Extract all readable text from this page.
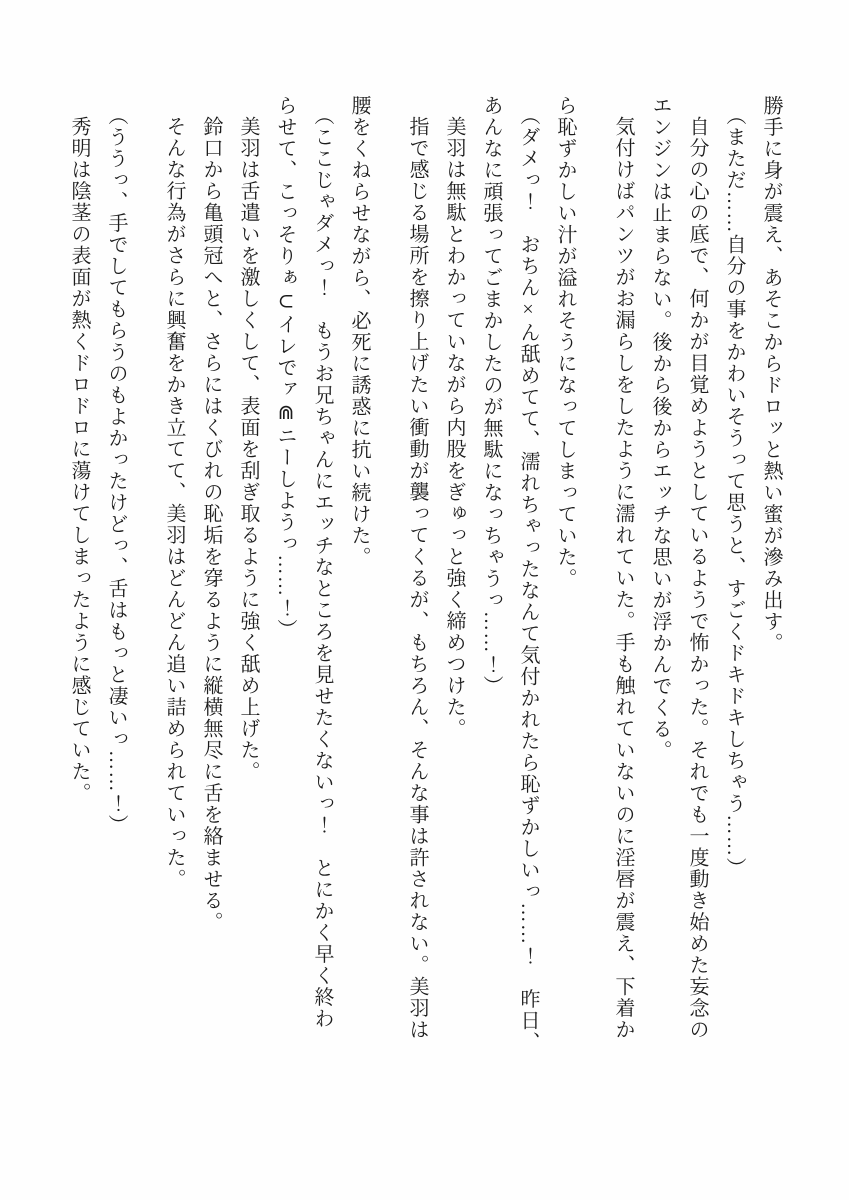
勝手に身が震え、あそこからドロッと熱い蜜が滲み出す。
（まただ……自分の事をかわいそうって思うと、すごくドキドキしちゃう……）
自分の心の底で、何かが目覚めようとしているようで怖かった。それでも一度動き始めた妄念の
エンジンは止まらない。後から後からエッチな思いが浮かんでくる。
気付けばパンツがお漏らしをしたように濡れていた。手も触れていないのに淫唇が震え、下着か
ら恥ずかしい汁が溢れそうになってしまっていた。
（ダメっ！　おちん×ん舐めてて、濡れちゃったなんて気付かれたら恥ずかしいっ……！　昨日、
あんなに頑張ってごまかしたのが無駄になっちゃうっ……！）
美羽は無駄とわかっていながら内股をぎゅっと強く締めつけた。
指で感じる場所を擦り上げたい衝動が襲ってくるが、もちろん、そんな事は許されない。美羽は
腰をくねらせながら、必死に誘惑に抗い続けた。
（ここじゃダメっ！　もうお兄ちゃんにエッチなところを見せたくないっ！　とにかく早く終わ
らせて、こっそりぁ⊂イレでァ⋒ニーしようっ……！）
美羽は舌遣いを激しくして、表面を刮ぎ取るように強く舐め上げた。
鈴口から亀頭冠へと、さらにはくびれの恥垢を穿るように縦横無尽に舌を絡ませる。
そんな行為がさらに興奮をかき立てて、美羽はどんどん追い詰められていった。
（ううっ、手でしてもらうのもよかったけどっ、舌はもっと凄いっ……！）
秀明は陰茎の表面が熱くドロドロに蕩けてしまったように感じていた。
